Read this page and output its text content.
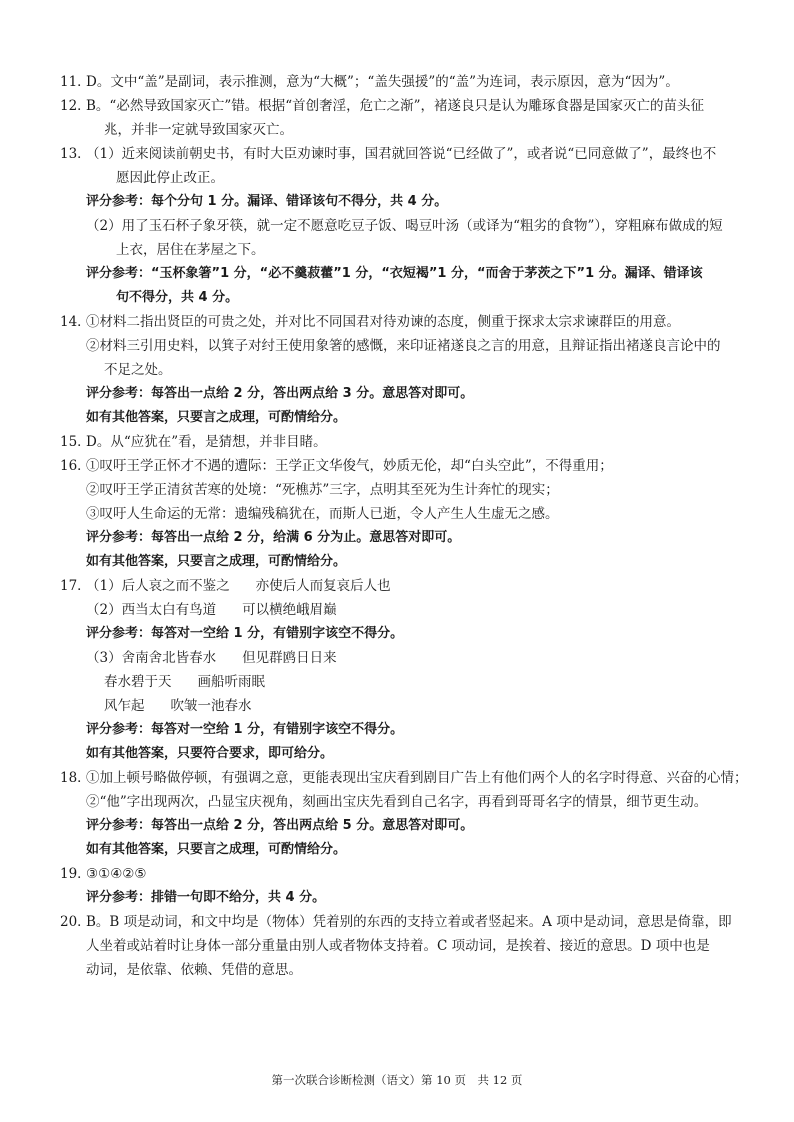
11．
D。文中“盖”是副词，表示推测，意为“大概”；“盖失强援”的“盖”为连词，表示原因，意为“因为”。
12．
B。“必然导致国家灭亡”错。根据“首创奢淫，危亡之渐”，褚遂良只是认为雕琢食器是国家灭亡的苗头征
兆，并非一定就导致国家灭亡。
13．
（1）近来阅读前朝史书，有时大臣劝谏时事，国君就回答说“已经做了”，或者说“已同意做了”，最终也不
愿因此停止改正。
评分参考：每个分句 1 分。漏译、错译该句不得分，共 4 分。
（2）用了玉石杯子象牙筷，就一定不愿意吃豆子饭、喝豆叶汤（或译为“粗劣的食物”），穿粗麻布做成的短
上衣，居住在茅屋之下。
评分参考：“玉杯象箸”1 分，“必不羹菽藿”1 分，“衣短褐”1 分，“而舍于茅茨之下”1 分。漏译、错译该
句不得分，共 4 分。
14．
①材料二指出贤臣的可贵之处，并对比不同国君对待劝谏的态度，侧重于探求太宗求谏群臣的用意。
②材料三引用史料，以箕子对纣王使用象箸的感慨，来印证褚遂良之言的用意，且辩证指出褚遂良言论中的
不足之处。
评分参考：每答出一点给 2 分，答出两点给 3 分。意思答对即可。
如有其他答案，只要言之成理，可酌情给分。
15．
D。从“应犹在”看，是猜想，并非目睹。
16．
①叹吁王学正怀才不遇的遭际：王学正文华俊气，妙质无伦，却“白头空此”，不得重用；
②叹吁王学正清贫苦寒的处境：“死樵苏”三字，点明其至死为生计奔忙的现实；
③叹吁人生命运的无常：遗编残稿犹在，而斯人已逝，令人产生人生虚无之感。
评分参考：每答出一点给 2 分，给满 6 分为止。意思答对即可。
如有其他答案，只要言之成理，可酌情给分。
17．
（1）后人哀之而不鉴之 亦使后人而复哀后人也
（2）西当太白有鸟道 可以横绝峨眉巅
评分参考：每答对一空给 1 分，有错别字该空不得分。
（3）舍南舍北皆春水 但见群鸥日日来
春水碧于天 画船听雨眠
风乍起 吹皱一池春水
评分参考：每答对一空给 1 分，有错别字该空不得分。
如有其他答案，只要符合要求，即可给分。
18．
①加上顿号略做停顿，有强调之意，更能表现出宝庆看到剧目广告上有他们两个人的名字时得意、兴奋的心情；
②“他”字出现两次，凸显宝庆视角，刻画出宝庆先看到自己名字，再看到哥哥名字的情景，细节更生动。
评分参考：每答出一点给 2 分，答出两点给 5 分。意思答对即可。
如有其他答案，只要言之成理，可酌情给分。
19．
③①④②⑤
评分参考：排错一句即不给分，共 4 分。
20．
B。B 项是动词，和文中均是（物体）凭着别的东西的支持立着或者竖起来。A 项中是动词，意思是倚靠，即
人坐着或站着时让身体一部分重量由别人或者物体支持着。C 项动词，是挨着、接近的意思。D 项中也是
动词，是依靠、依赖、凭借的意思。
第一次联合诊断检测（语文）第 10 页　共 12 页
